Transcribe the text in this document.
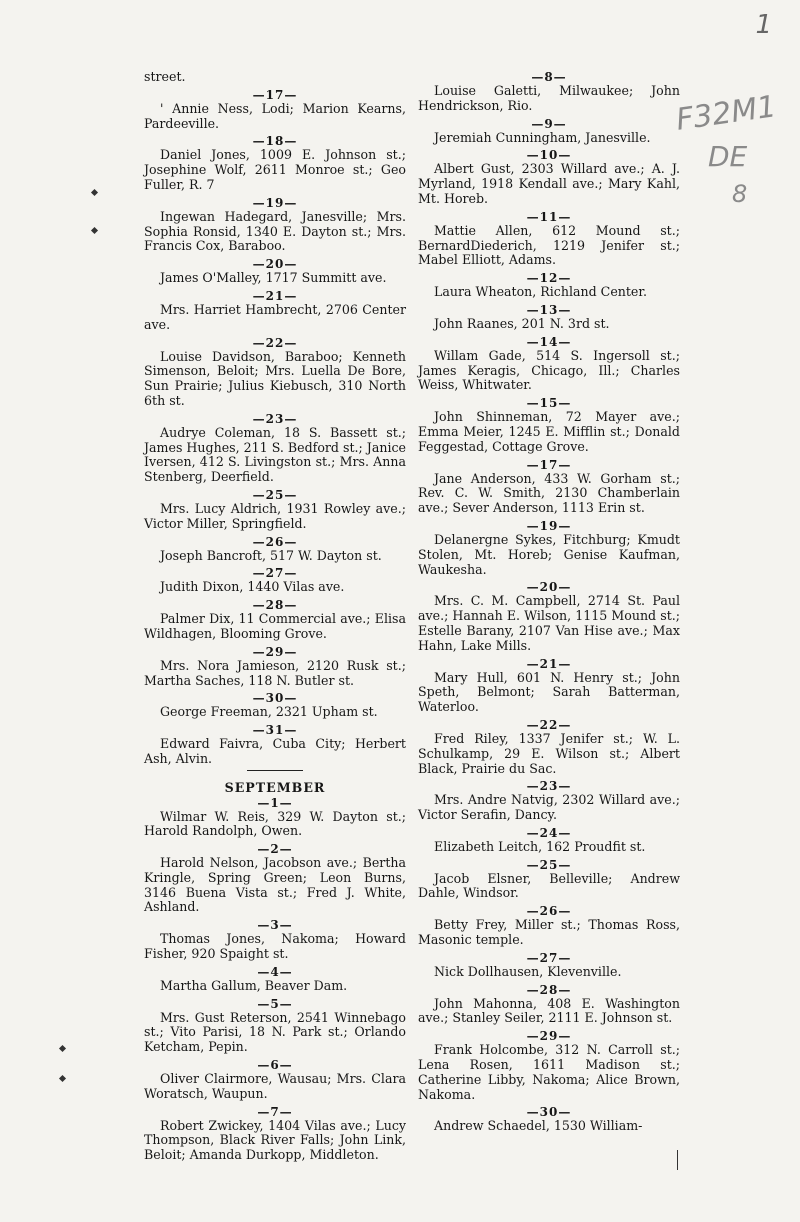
1
F32M1
DE
8
street.
—17—
' Annie Ness, Lodi; Marion Kearns, Pardeeville.
—18—
Daniel Jones, 1009 E. Johnson st.; Josephine Wolf, 2611 Monroe st.; Geo Fuller, R. 7
—19—
Ingewan Hadegard, Janesville; Mrs. Sophia Ronsid, 1340 E. Dayton st.; Mrs. Francis Cox, Baraboo.
—20—
James O'Malley, 1717 Summitt ave.
—21—
Mrs. Harriet Hambrecht, 2706 Center ave.
—22—
Louise Davidson, Baraboo; Kenneth Simenson, Beloit; Mrs. Luella De Bore, Sun Prairie; Julius Kiebusch, 310 North 6th st.
—23—
Audrye Coleman, 18 S. Bassett st.; James Hughes, 211 S. Bedford st.; Janice Iversen, 412 S. Livingston st.; Mrs. Anna Stenberg, Deerfield.
—25—
Mrs. Lucy Aldrich, 1931 Rowley ave.; Victor Miller, Springfield.
—26—
Joseph Bancroft, 517 W. Dayton st.
—27—
Judith Dixon, 1440 Vilas ave.
—28—
Palmer Dix, 11 Commercial ave.; Elisa Wildhagen, Blooming Grove.
—29—
Mrs. Nora Jamieson, 2120 Rusk st.; Martha Saches, 118 N. Butler st.
—30—
George Freeman, 2321 Upham st.
—31—
Edward Faivra, Cuba City; Herbert Ash, Alvin.
SEPTEMBER
—1—
Wilmar W. Reis, 329 W. Dayton st.; Harold Randolph, Owen.
—2—
Harold Nelson, Jacobson ave.; Bertha Kringle, Spring Green; Leon Burns, 3146 Buena Vista st.; Fred J. White, Ashland.
—3—
Thomas Jones, Nakoma; Howard Fisher, 920 Spaight st.
—4—
Martha Gallum, Beaver Dam.
—5—
Mrs. Gust Reterson, 2541 Winnebago st.; Vito Parisi, 18 N. Park st.; Orlando Ketcham, Pepin.
—6—
Oliver Clairmore, Wausau; Mrs. Clara Woratsch, Waupun.
—7—
Robert Zwickey, 1404 Vilas ave.; Lucy Thompson, Black River Falls; John Link, Beloit; Amanda Durkopp, Middleton.
—8—
Louise Galetti, Milwaukee; John Hendrickson, Rio.
—9—
Jeremiah Cunningham, Janesville.
—10—
Albert Gust, 2303 Willard ave.; A. J. Myrland, 1918 Kendall ave.; Mary Kahl, Mt. Horeb.
—11—
Mattie Allen, 612 Mound st.; BernardDiederich, 1219 Jenifer st.; Mabel Elliott, Adams.
—12—
Laura Wheaton, Richland Center.
—13—
John Raanes, 201 N. 3rd st.
—14—
Willam Gade, 514 S. Ingersoll st.; James Keragis, Chicago, Ill.; Charles Weiss, Whitwater.
—15—
John Shinneman, 72 Mayer ave.; Emma Meier, 1245 E. Mifflin st.; Donald Feggestad, Cottage Grove.
—17—
Jane Anderson, 433 W. Gorham st.; Rev. C. W. Smith, 2130 Chamberlain ave.; Sever Anderson, 1113 Erin st.
—19—
Delanergne Sykes, Fitchburg; Kmudt Stolen, Mt. Horeb; Genise Kaufman, Waukesha.
—20—
Mrs. C. M. Campbell, 2714 St. Paul ave.; Hannah E. Wilson, 1115 Mound st.; Estelle Barany, 2107 Van Hise ave.; Max Hahn, Lake Mills.
—21—
Mary Hull, 601 N. Henry st.; John Speth, Belmont; Sarah Batterman, Waterloo.
—22—
Fred Riley, 1337 Jenifer st.; W. L. Schulkamp, 29 E. Wilson st.; Albert Black, Prairie du Sac.
—23—
Mrs. Andre Natvig, 2302 Willard ave.; Victor Serafin, Dancy.
—24—
Elizabeth Leitch, 162 Proudfit st.
—25—
Jacob Elsner, Belleville; Andrew Dahle, Windsor.
—26—
Betty Frey, Miller st.; Thomas Ross, Masonic temple.
—27—
Nick Dollhausen, Klevenville.
—28—
John Mahonna, 408 E. Washington ave.; Stanley Seiler, 2111 E. Johnson st.
—29—
Frank Holcombe, 312 N. Carroll st.; Lena Rosen, 1611 Madison st.; Catherine Libby, Nakoma; Alice Brown, Nakoma.
—30—
Andrew Schaedel, 1530 William-
